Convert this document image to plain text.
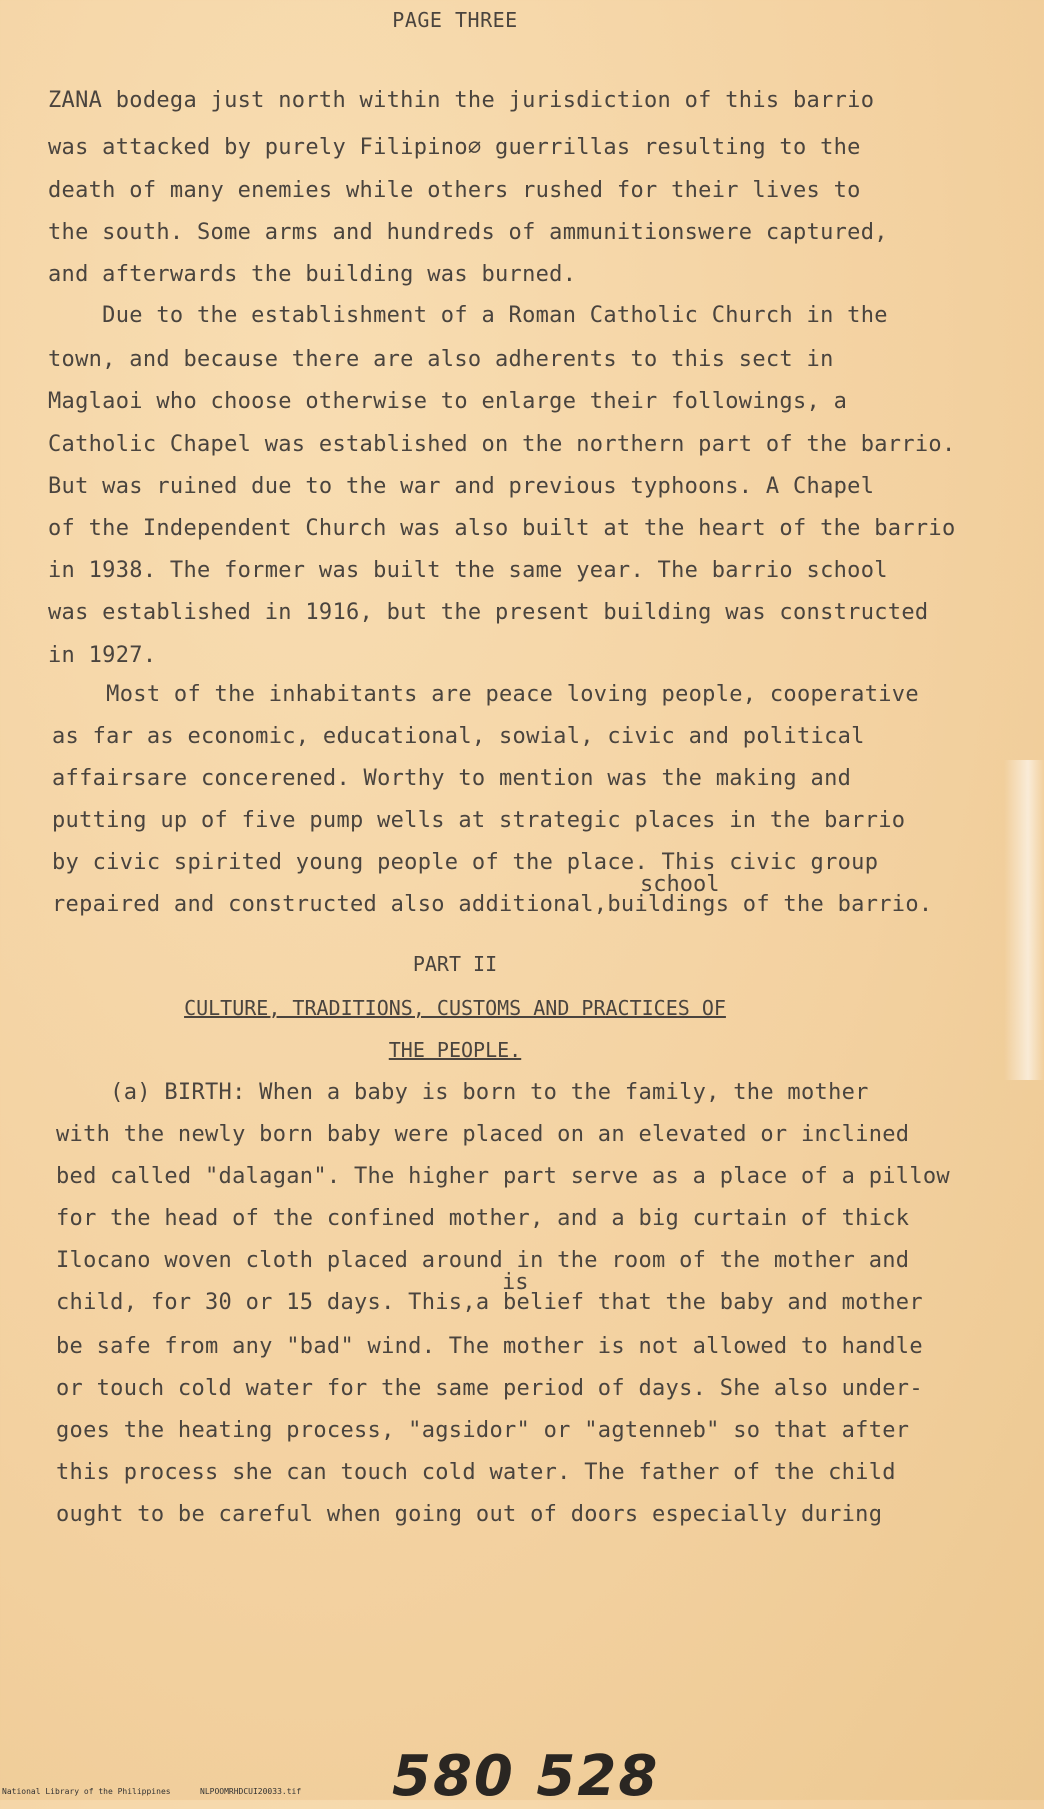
PAGE THREE
ZANA bodega just north within the jurisdiction of this barrio
was attacked by purely Filipino∅ guerrillas resulting to the
death of many enemies while others rushed for their lives to
the south. Some arms and hundreds of ammunitionswere captured,
and afterwards the building was burned.
Due to the establishment of a Roman Catholic Church in the
town, and because there are also adherents to this sect in
Maglaoi who choose otherwise to enlarge their followings, a
Catholic Chapel was established on the northern part of the barrio.
But was ruined due to the war and previous typhoons. A Chapel
of the Independent Church was also built at the heart of the barrio
in 1938. The former was built the same year. The barrio school
was established in 1916, but the present building was constructed
in 1927.
Most of the inhabitants are peace loving people, cooperative
as far as economic, educational, sowial, civic and political
affairsare concerened. Worthy to mention was the making and
putting up of five pump wells at strategic places in the barrio
by civic spirited young people of the place. This civic group
school
repaired and constructed also additional,buildings of the barrio.
PART II
CULTURE, TRADITIONS, CUSTOMS AND PRACTICES OF
THE PEOPLE.
(a) BIRTH: When a baby is born to the family, the mother
with the newly born baby were placed on an elevated or inclined
bed called "dalagan". The higher part serve as a place of a pillow
for the head of the confined mother, and a big curtain of thick
Ilocano woven cloth placed around in the room of the mother and
is
child, for 30 or 15 days. This,a belief that the baby and mother
be safe from any "bad" wind. The mother is not allowed to handle
or touch cold water for the same period of days. She also under-
goes the heating process, "agsidor" or "agtenneb" so that after
this process she can touch cold water. The father of the child
ought to be careful when going out of doors especially during
580 528

National Library of the Philippines

	NLPOOMRHDCUI20033.tif
